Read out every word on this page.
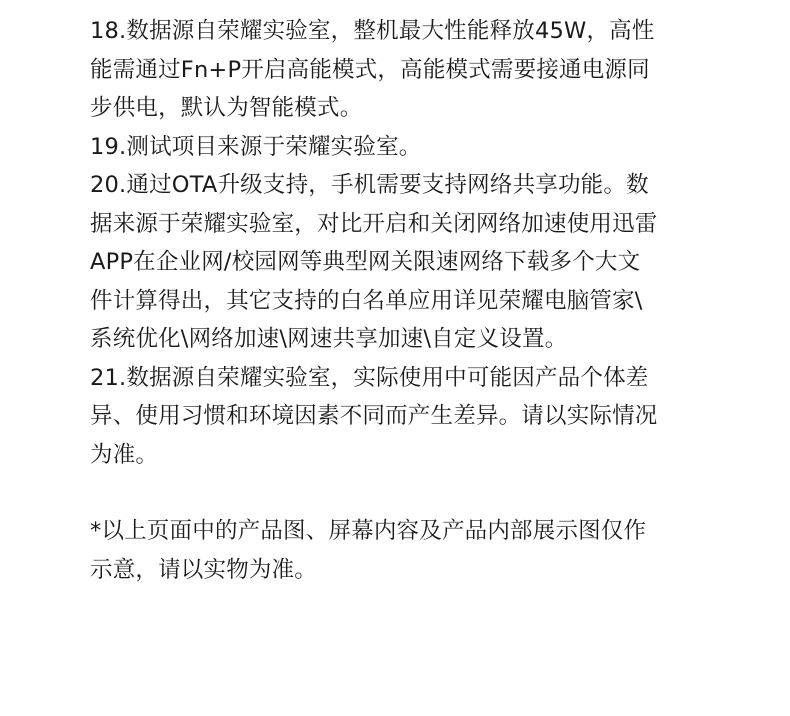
18.数据源自荣耀实验室，整机最大性能释放45W，高性
能需通过Fn+P开启高能模式，高能模式需要接通电源同
步供电，默认为智能模式。

19.测试项目来源于荣耀实验室。

20.通过OTA升级支持，手机需要支持网络共享功能。数
据来源于荣耀实验室，对比开启和关闭网络加速使用迅雷
APP在企业网/校园网等典型网关限速网络下载多个大文
件计算得出，其它支持的白名单应用详见荣耀电脑管家\
系统优化\网络加速\网速共享加速\自定义设置。

21.数据源自荣耀实验室，实际使用中可能因产品个体差
异、使用习惯和环境因素不同而产生差异。请以实际情况
为准。

*以上页面中的产品图、屏幕内容及产品内部展示图仅作
示意，请以实物为准。
